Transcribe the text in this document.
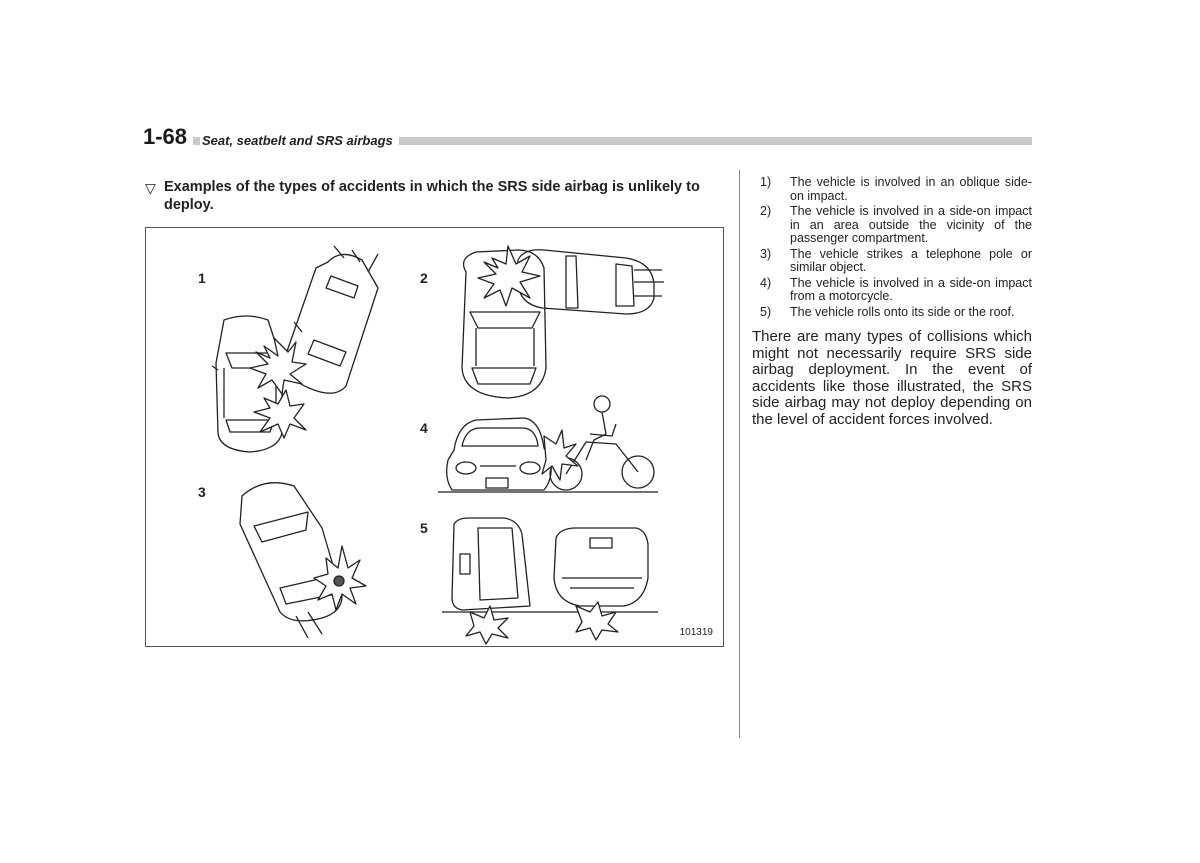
1-68	Seat, seatbelt and SRS airbags
▽ Examples of the types of accidents in which the SRS side airbag is unlikely to deploy.
1	2
3
4
5
101319
1) The vehicle is involved in an oblique side-on impact.
2) The vehicle is involved in a side-on impact in an area outside the vicinity of the passenger compartment.
3) The vehicle strikes a telephone pole or similar object.
4) The vehicle is involved in a side-on impact from a motorcycle.
5) The vehicle rolls onto its side or the roof.
There are many types of collisions which might not necessarily require SRS side airbag deployment. In the event of accidents like those illustrated, the SRS side airbag may not deploy depending on the level of accident forces involved.
